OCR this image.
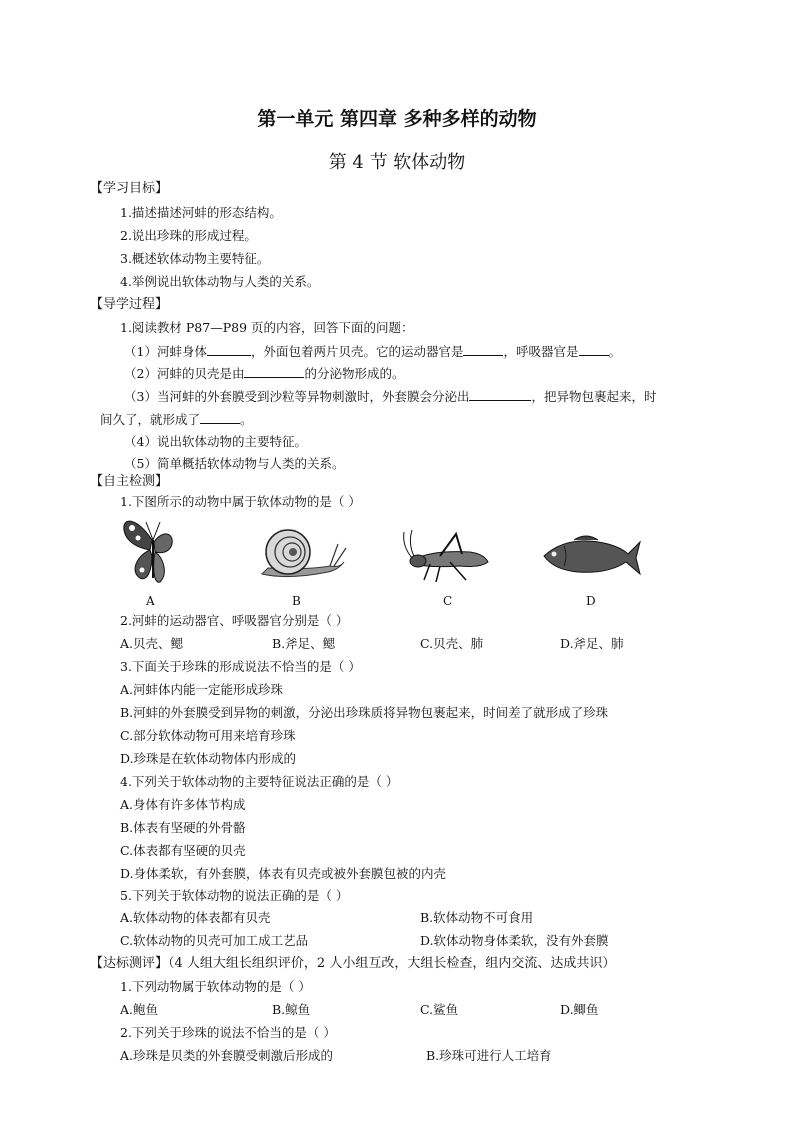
第一单元 第四章 多种多样的动物
第 4 节 软体动物
【学习目标】
1.描述描述河蚌的形态结构。
2.说出珍珠的形成过程。
3.概述软体动物主要特征。
4.举例说出软体动物与人类的关系。
【导学过程】
1.阅读教材 P87—P89 页的内容，回答下面的问题：
（1）河蚌身体	，外面包着两片贝壳。它的运动器官是	，呼吸器官是 。
（2）河蚌的贝壳是由	的分泌物形成的。
（3）当河蚌的外套膜受到沙粒等异物刺激时，外套膜会分泌出	，把异物包裹起来，时
间久了，就形成了	。
（4）说出软体动物的主要特征。
（5）简单概括软体动物与人类的关系。
【自主检测】
1.下图所示的动物中属于软体动物的是（ ）
A	B	C	D
2.河蚌的运动器官、呼吸器官分别是（ ）
A.贝壳、鳃	B.斧足、鳃	C.贝壳、肺	D.斧足、肺
3.下面关于珍珠的形成说法不恰当的是（ ）
A.河蚌体内能一定能形成珍珠
B.河蚌的外套膜受到异物的刺激，分泌出珍珠质将异物包裹起来，时间差了就形成了珍珠
C.部分软体动物可用来培育珍珠
D.珍珠是在软体动物体内形成的
4.下列关于软体动物的主要特征说法正确的是（ ）
A.身体有许多体节构成
B.体表有坚硬的外骨骼
C.体表都有坚硬的贝壳
D.身体柔软，有外套膜，体表有贝壳或被外套膜包被的内壳
5.下列关于软体动物的说法正确的是（ ）
A.软体动物的体表都有贝壳	B.软体动物不可食用
C.软体动物的贝壳可加工成工艺品	D.软体动物身体柔软，没有外套膜
【达标测评】（4 人组大组长组织评价，2 人小组互改，大组长检查，组内交流、达成共识）
1.下列动物属于软体动物的是（ ）
A.鲍鱼	B.鲸鱼	C.鲨鱼	D.鲫鱼
2.下列关于珍珠的说法不恰当的是（ ）
A.珍珠是贝类的外套膜受刺激后形成的	B.珍珠可进行人工培育
